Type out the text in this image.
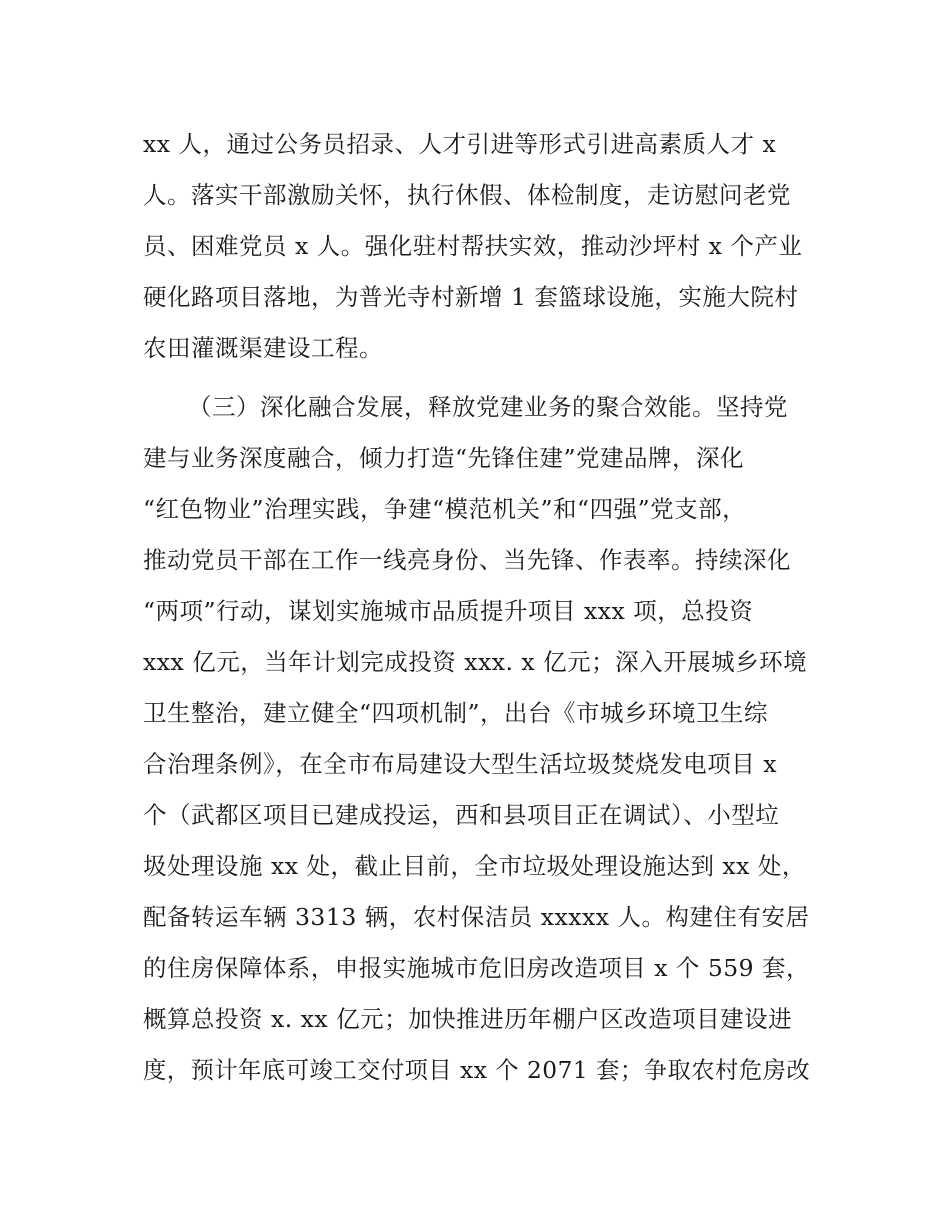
xx 人，通过公务员招录、人才引进等形式引进高素质人才 x
人。落实干部激励关怀，执行休假、体检制度，走访慰问老党
员、困难党员 x 人。强化驻村帮扶实效，推动沙坪村 x 个产业
硬化路项目落地，为普光寺村新增 1 套篮球设施，实施大院村
农田灌溉渠建设工程。
（三）深化融合发展，释放党建业务的聚合效能。坚持党
建与业务深度融合，倾力打造“先锋住建”党建品牌，深化
“红色物业”治理实践，争建“模范机关”和“四强”党支部，
推动党员干部在工作一线亮身份、当先锋、作表率。持续深化
“两项”行动，谋划实施城市品质提升项目 xxx 项，总投资
xxx 亿元，当年计划完成投资 xxx. x 亿元；深入开展城乡环境
卫生整治，建立健全“四项机制”，出台《市城乡环境卫生综
合治理条例》，在全市布局建设大型生活垃圾焚烧发电项目 x
个（武都区项目已建成投运，西和县项目正在调试）、小型垃
圾处理设施 xx 处，截止目前，全市垃圾处理设施达到 xx 处，
配备转运车辆 3313 辆，农村保洁员 xxxxx 人。构建住有安居
的住房保障体系，申报实施城市危旧房改造项目 x 个 559 套，
概算总投资 x. xx 亿元；加快推进历年棚户区改造项目建设进
度，预计年底可竣工交付项目 xx 个 2071 套；争取农村危房改
